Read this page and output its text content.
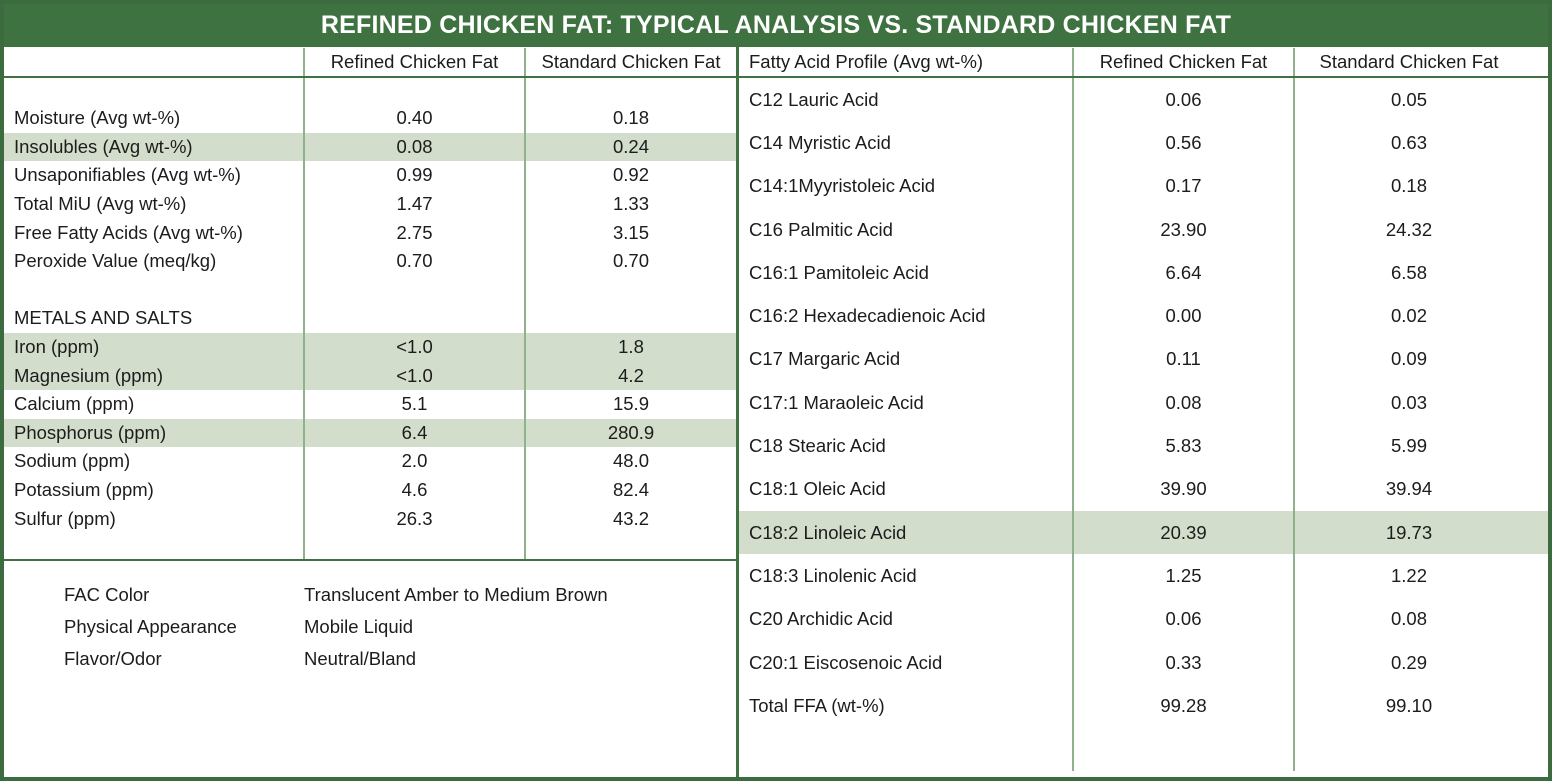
REFINED CHICKEN FAT: TYPICAL ANALYSIS VS. STANDARD CHICKEN FAT
Refined Chicken Fat	Standard Chicken Fat
Moisture (Avg wt-%)	0.40	0.18
Insolubles (Avg wt-%)	0.08	0.24
Unsaponifiables (Avg wt-%)	0.99	0.92
Total MiU (Avg wt-%)	1.47	1.33
Free Fatty Acids (Avg wt-%)	2.75	3.15
Peroxide Value (meq/kg)	0.70	0.70
METALS AND SALTS
Iron (ppm)	<1.0	1.8
Magnesium (ppm)	<1.0	4.2
Calcium (ppm)	5.1	15.9
Phosphorus (ppm)	6.4	280.9
Sodium (ppm)	2.0	48.0
Potassium (ppm)	4.6	82.4
Sulfur (ppm)	26.3	43.2
FAC Color	Translucent Amber to Medium Brown
Physical Appearance	Mobile Liquid
Flavor/Odor	Neutral/Bland
Fatty Acid Profile (Avg wt-%)	Refined Chicken Fat	Standard Chicken Fat
C12 Lauric Acid	0.06	0.05
C14 Myristic Acid	0.56	0.63
C14:1Myyristoleic Acid	0.17	0.18
C16 Palmitic Acid	23.90	24.32
C16:1 Pamitoleic Acid	6.64	6.58
C16:2 Hexadecadienoic Acid	0.00	0.02
C17 Margaric Acid	0.11	0.09
C17:1 Maraoleic Acid	0.08	0.03
C18 Stearic Acid	5.83	5.99
C18:1 Oleic Acid	39.90	39.94
C18:2 Linoleic Acid	20.39	19.73
C18:3 Linolenic Acid	1.25	1.22
C20 Archidic Acid	0.06	0.08
C20:1 Eiscosenoic Acid	0.33	0.29
Total FFA (wt-%)	99.28	99.10
